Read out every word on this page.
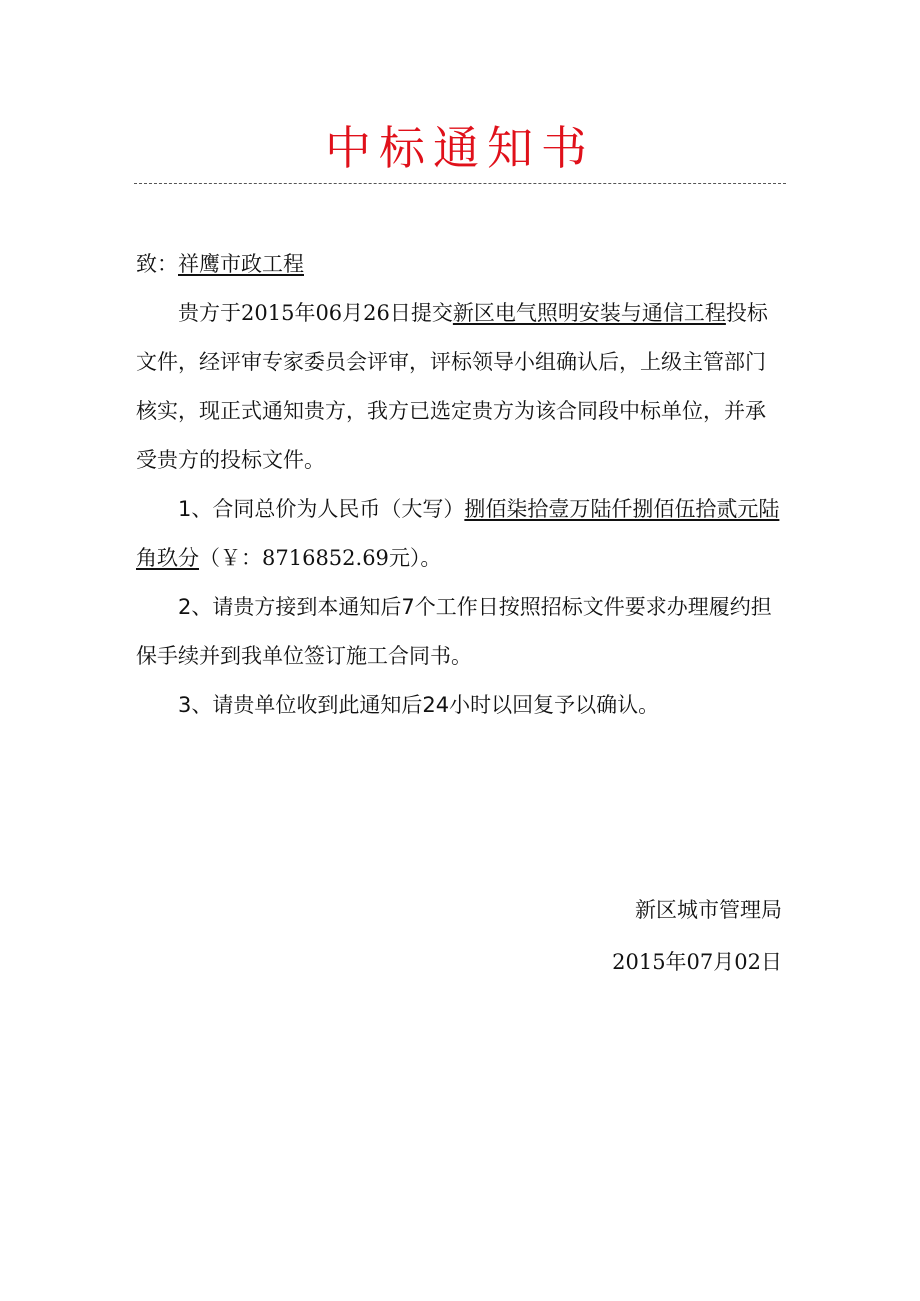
中标通知书

致：祥鹰市政工程

贵方于2015年06月26日提交新区电气照明安装与通信工程投标文件，经评审专家委员会评审，评标领导小组确认后，上级主管部门核实，现正式通知贵方，我方已选定贵方为该合同段中标单位，并承受贵方的投标文件。

1、合同总价为人民币（大写）捌佰柒拾壹万陆仟捌佰伍拾贰元陆角玖分（￥：8716852.69元）。

2、请贵方接到本通知后7个工作日按照招标文件要求办理履约担保手续并到我单位签订施工合同书。

3、请贵单位收到此通知后24小时以回复予以确认。

新区城市管理局
2015年07月02日
